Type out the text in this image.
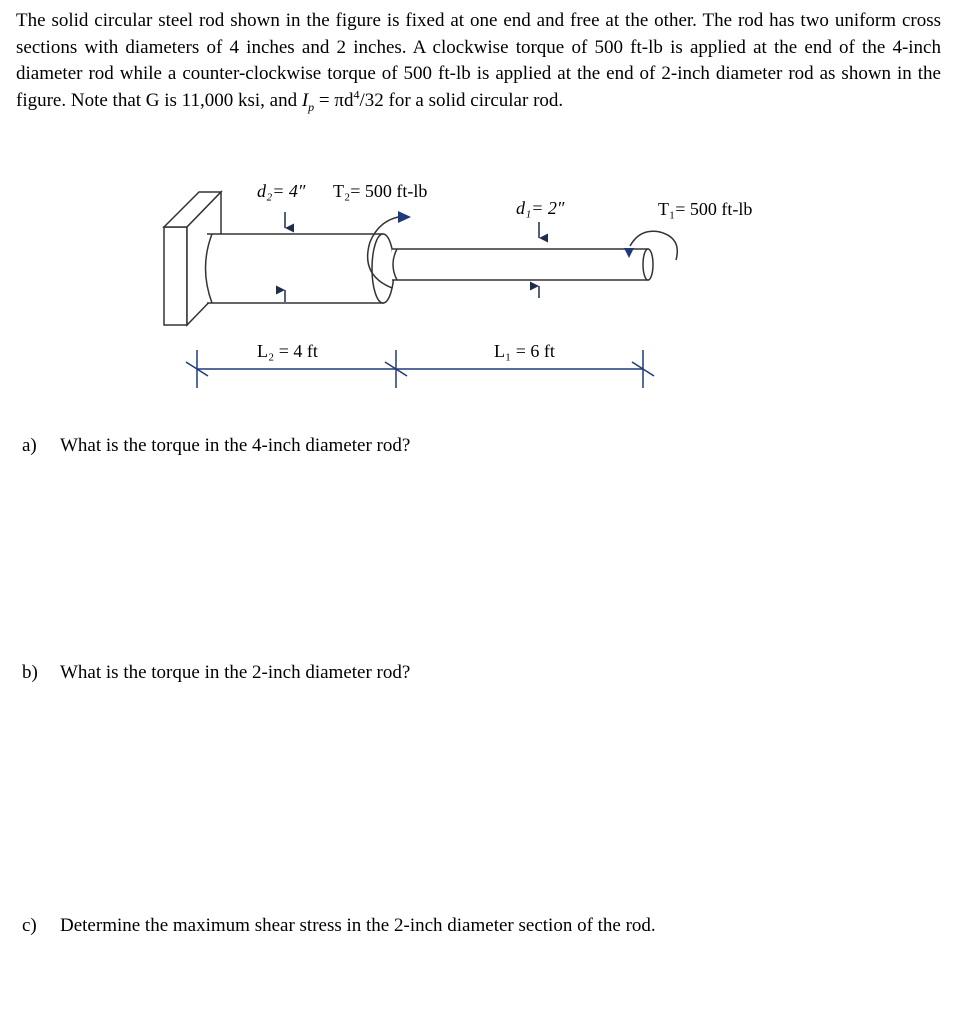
The solid circular steel rod shown in the figure is fixed at one end and free at the other. The rod has two uniform cross sections with diameters of 4 inches and 2 inches. A clockwise torque of 500 ft-lb is applied at the end of the 4-inch diameter rod while a counter-clockwise torque of 500 ft-lb is applied at the end of 2-inch diameter rod as shown in the figure. Note that G is 11,000 ksi, and $I_p = \pi d^4/32$ for a solid circular rod.

d₂= 4″ T₂= 500 ft-lb
d₁= 2″	T₁= 500 ft-lb
L₂ = 4 ft	L₁ = 6 ft

a) What is the torque in the 4-inch diameter rod?

b) What is the torque in the 2-inch diameter rod?

c) Determine the maximum shear stress in the 2-inch diameter section of the rod.
